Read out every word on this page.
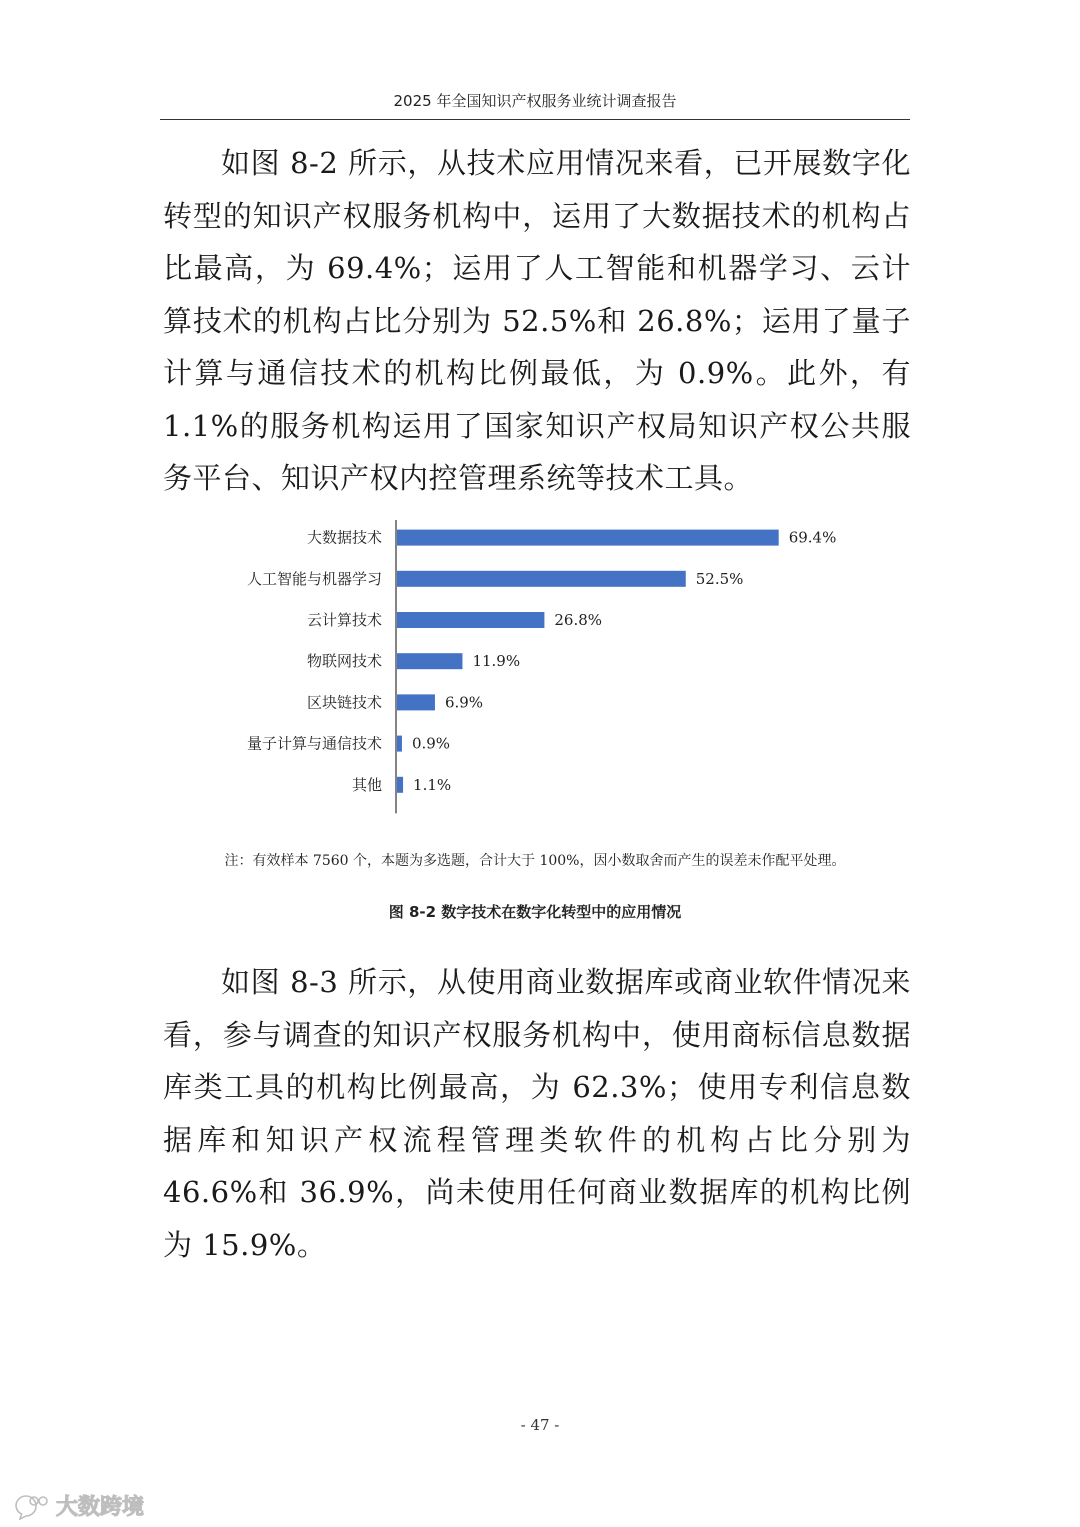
2025 年全国知识产权服务业统计调查报告

如图 8-2 所示，从技术应用情况来看，已开展数字化转型的知识产权服务机构中，运用了大数据技术的机构占比最高，为 69.4%；运用了人工智能和机器学习、云计算技术的机构占比分别为 52.5%和 26.8%；运用了量子计算与通信技术的机构比例最低，为 0.9%。此外，有 1.1%的服务机构运用了国家知识产权局知识产权公共服务平台、知识产权内控管理系统等技术工具。

大数据技术
人工智能与机器学习
云计算技术
物联网技术
区块链技术
量子计算与通信技术
其他
69.4%
52.5%
26.8%
11.9%
6.9%
0.9%
1.1%
注：有效样本 7560 个，本题为多选题，合计大于 100%，因小数取舍而产生的误差未作配平处理。
图 8-2 数字技术在数字化转型中的应用情况

如图 8-3 所示，从使用商业数据库或商业软件情况来看，参与调查的知识产权服务机构中，使用商标信息数据库类工具的机构比例最高，为 62.3%；使用专利信息数据库和知识产权流程管理类软件的机构占比分别为 46.6%和 36.9%，尚未使用任何商业数据库的机构比例为 15.9%。

- 47 -
大数跨境
